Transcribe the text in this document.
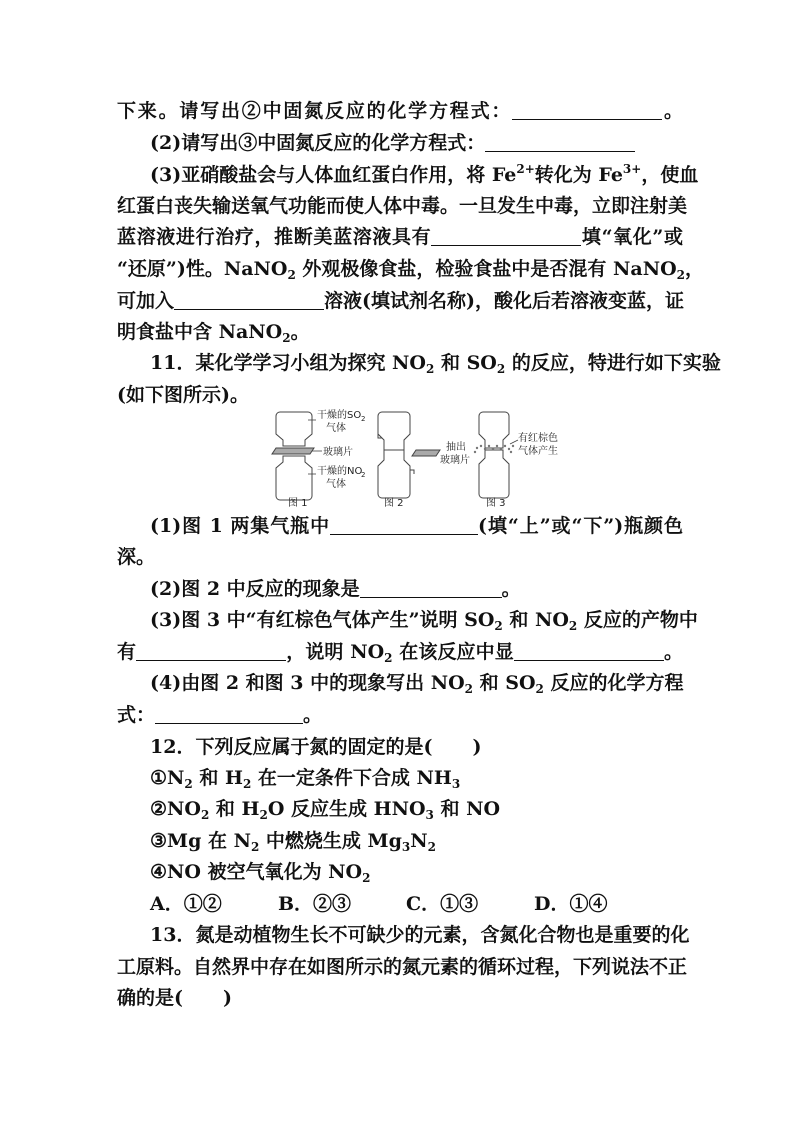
下来。请写出②中固氮反应的化学方程式：	。
(2)请写出③中固氮反应的化学方程式：
(3)亚硝酸盐会与人体血红蛋白作用，将 $Fe^{2+}$转化为 $Fe^{3+}$，使血
红蛋白丧失输送氧气功能而使人体中毒。一旦发生中毒，立即注射美
蓝溶液进行治疗，推断美蓝溶液具有	填“氧化”或
“还原”)性。NaNO$_2$ 外观极像食盐，检验食盐中是否混有 NaNO$_2$，
可加入	溶液(填试剂名称)，酸化后若溶液变蓝，证
明食盐中含 NaNO$_2$。
11．某化学学习小组为探究 $NO_2$ 和 $SO_2$ 的反应，特进行如下实验
(如下图所示)。
干燥的SO 2
气体
玻璃片
干燥的NO
2
气体
抽出
玻璃片
有红棕色
气体产生
图 1	图 2	图 3
(1)图 1 两集气瓶中	(填“上”或“下”)瓶颜色
深。
(2)图 2 中反应的现象是	。
(3)图 3 中“有红棕色气体产生”说明 $SO_2$ 和 $NO_2$ 反应的产物中
有	，说明 $NO_2$ 在该反应中显	。
(4)由图 2 和图 3 中的现象写出 $NO_2$ 和 $SO_2$ 反应的化学方程
式：	。
12．下列反应属于氮的固定的是( )
$①N_2$ 和 $H_2$ 在一定条件下合成 $NH_3$
$②NO_2$ 和 $H_2O$ 反应生成 $HNO_3$ 和 NO
③Mg 在 $N_2$ 中燃烧生成 $Mg_3N_2$
④NO 被空气氧化为 $NO_2$
A．①②	B．②③	C．①③	D．①④
13．氮是动植物生长不可缺少的元素，含氮化合物也是重要的化
工原料。自然界中存在如图所示的氮元素的循环过程，下列说法不正
确的是( )
